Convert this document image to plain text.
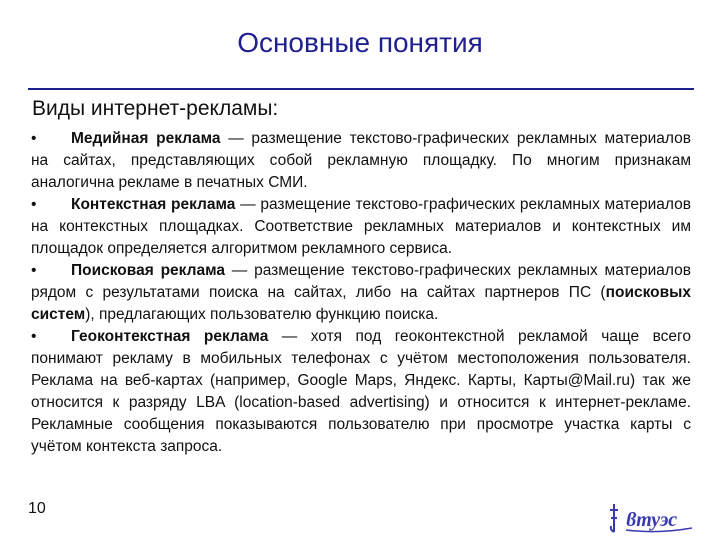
Основные понятия
Виды интернет-рекламы:

• Медийная реклама — размещение текстово-графических рекламных материалов на сайтах, представляющих собой рекламную площадку. По многим признакам аналогична рекламе в печатных СМИ.

• Контекстная реклама — размещение текстово-графических рекламных материалов на контекстных площадках. Соответствие рекламных материалов и контекстных им площадок определяется алгоритмом рекламного сервиса.

• Поисковая реклама — размещение текстово-графических рекламных материалов рядом с результатами поиска на сайтах, либо на сайтах партнеров ПС (поисковых систем), предлагающих пользователю функцию поиска.

• Геоконтекстная реклама — хотя под геоконтекстной рекламой чаще всего понимают рекламу в мобильных телефонах с учётом местоположения пользователя. Реклама на веб-картах (например, Google Maps, Яндекс. Карты, Карты@Mail.ru) так же относится к разряду LBA (location-based advertising) и относится к интернет-рекламе. Рекламные сообщения показываются пользователю при просмотре участка карты с учётом контекста запроса.

10
ϐтуэс
